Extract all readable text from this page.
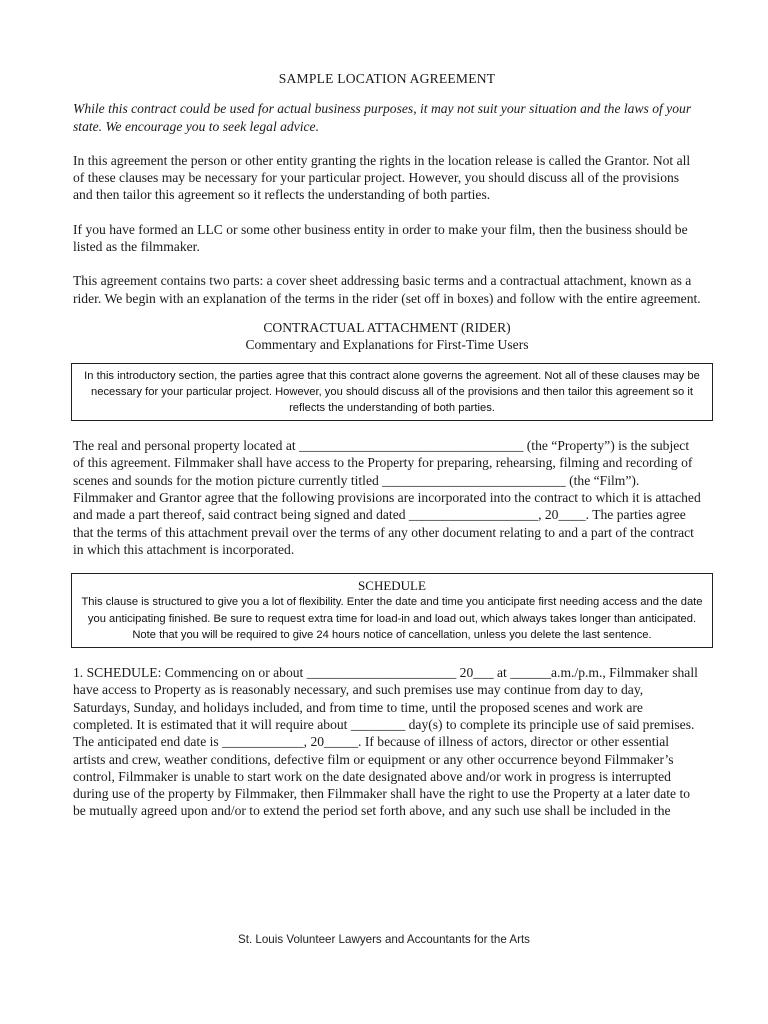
SAMPLE LOCATION AGREEMENT

While this contract could be used for actual business purposes, it may not suit your situation and the laws of your state. We encourage you to seek legal advice.

In this agreement the person or other entity granting the rights in the location release is called the Grantor. Not all of these clauses may be necessary for your particular project. However, you should discuss all of the provisions and then tailor this agreement so it reflects the understanding of both parties.

If you have formed an LLC or some other business entity in order to make your film, then the business should be listed as the filmmaker.

This agreement contains two parts: a cover sheet addressing basic terms and a contractual attachment, known as a rider. We begin with an explanation of the terms in the rider (set off in boxes) and follow with the entire agreement.

CONTRACTUAL ATTACHMENT (RIDER)
Commentary and Explanations for First-Time Users
In this introductory section, the parties agree that this contract alone governs the agreement. Not all of these clauses may be necessary for your particular project. However, you should discuss all of the provisions and then tailor this agreement so it reflects the understanding of both parties.

The real and personal property located at _________________________________ (the “Property”) is the subject of this agreement. Filmmaker shall have access to the Property for preparing, rehearsing, filming and recording of scenes and sounds for the motion picture currently titled ___________________________ (the “Film”). Filmmaker and Grantor agree that the following provisions are incorporated into the contract to which it is attached and made a part thereof, said contract being signed and dated ___________________, 20____. The parties agree that the terms of this attachment prevail over the terms of any other document relating to and a part of the contract in which this attachment is incorporated.

SCHEDULE
This clause is structured to give you a lot of flexibility. Enter the date and time you anticipate first needing access and the date you anticipating finished. Be sure to request extra time for load-in and load out, which always takes longer than anticipated. Note that you will be required to give 24 hours notice of cancellation, unless you delete the last sentence.

1. SCHEDULE: Commencing on or about ______________________ 20___ at ______a.m./p.m., Filmmaker shall have access to Property as is reasonably necessary, and such premises use may continue from day to day, Saturdays, Sunday, and holidays included, and from time to time, until the proposed scenes and work are completed. It is estimated that it will require about ________ day(s) to complete its principle use of said premises. The anticipated end date is ____________, 20_____. If because of illness of actors, director or other essential artists and crew, weather conditions, defective film or equipment or any other occurrence beyond Filmmaker’s control, Filmmaker is unable to start work on the date designated above and/or work in progress is interrupted during use of the property by Filmmaker, then Filmmaker shall have the right to use the Property at a later date to be mutually agreed upon and/or to extend the period set forth above, and any such use shall be included in the

St. Louis Volunteer Lawyers and Accountants for the Arts
